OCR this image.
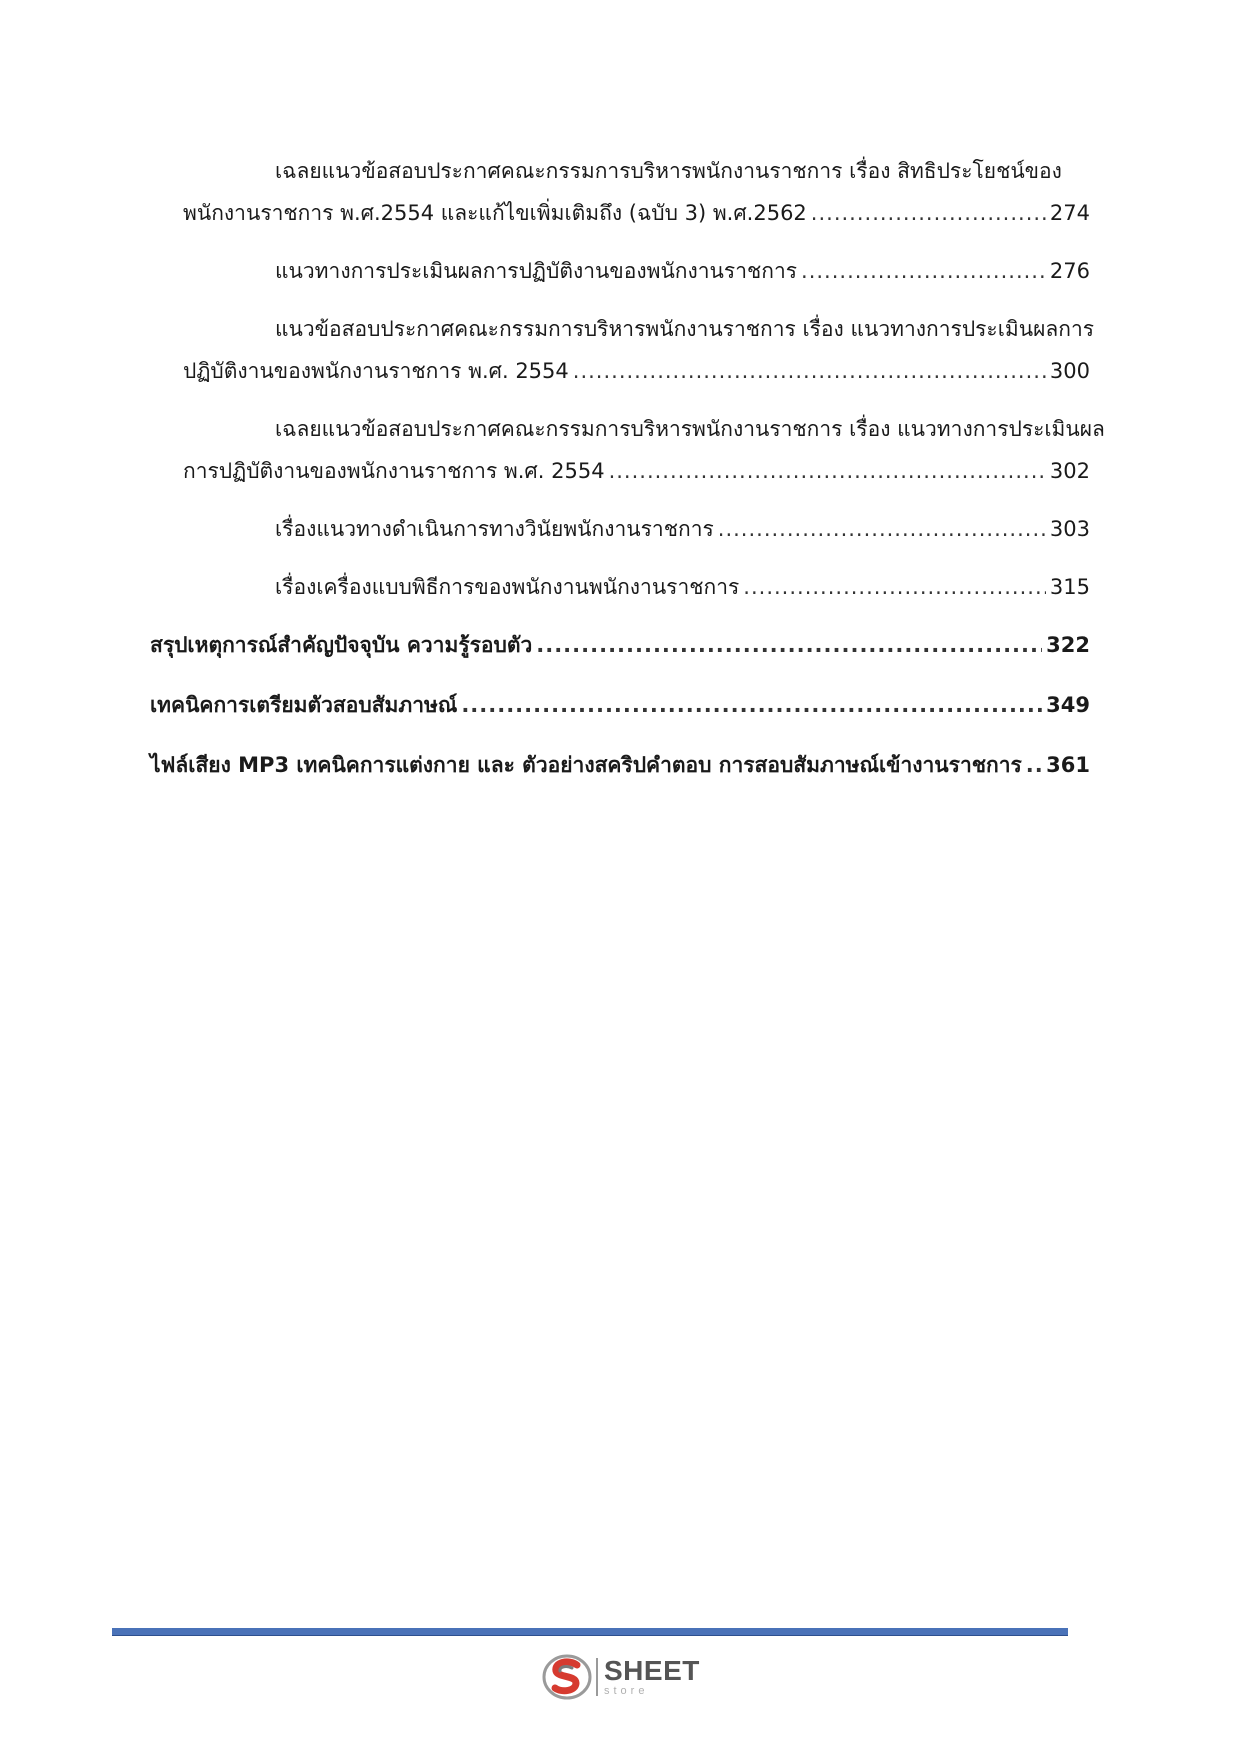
เฉลยแนวข้อสอบประกาศคณะกรรมการบริหารพนักงานราชการ เรื่อง สิทธิประโยชน์ของ
พนักงานราชการ พ.ศ.2554 และแก้ไขเพิ่มเติมถึง (ฉบับ 3) พ.ศ.2562 .....	274
แนวทางการประเมินผลการปฏิบัติงานของพนักงานราชการ .....	276
แนวข้อสอบประกาศคณะกรรมการบริหารพนักงานราชการ เรื่อง แนวทางการประเมินผลการ
ปฏิบัติงานของพนักงานราชการ พ.ศ. 2554 .....	300
เฉลยแนวข้อสอบประกาศคณะกรรมการบริหารพนักงานราชการ เรื่อง แนวทางการประเมินผล
การปฏิบัติงานของพนักงานราชการ พ.ศ. 2554 .....	302
เรื่องแนวทางดำเนินการทางวินัยพนักงานราชการ .....	303
เรื่องเครื่องแบบพิธีการของพนักงานพนักงานราชการ .....	315
สรุปเหตุการณ์สำคัญปัจจุบัน ความรู้รอบตัว .....	322
เทคนิคการเตรียมตัวสอบสัมภาษณ์ .....	349
ไฟล์เสียง MP3 เทคนิคการแต่งกาย และ ตัวอย่างสคริปคำตอบ การสอบสัมภาษณ์เข้างานราชการ ..... 361
SHEET
store
